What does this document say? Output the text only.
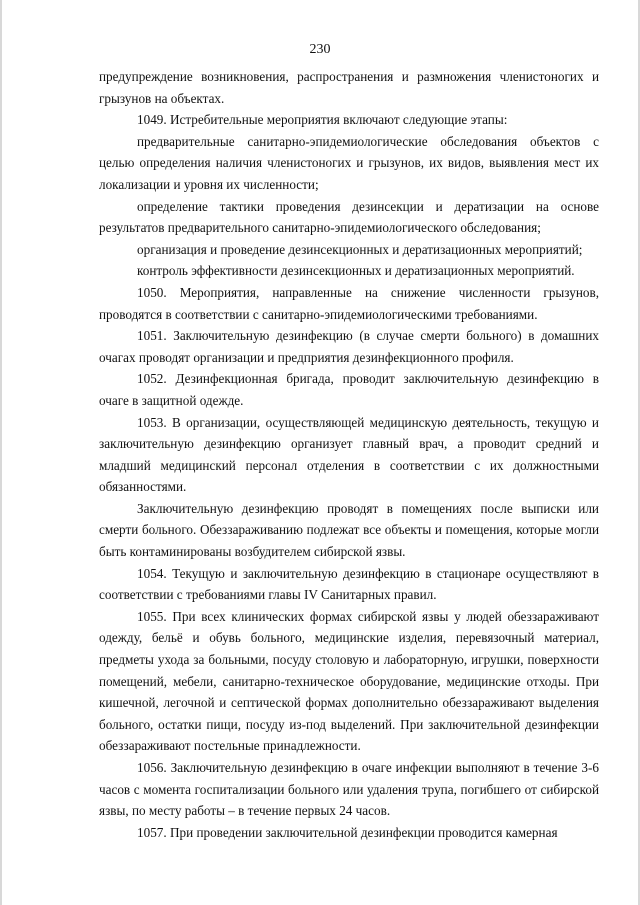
230

предупреждение возникновения, распространения и размножения членистоногих и грызунов на объектах.

1049. Истребительные мероприятия включают следующие этапы:

предварительные санитарно-эпидемиологические обследования объектов с целью определения наличия членистоногих и грызунов, их видов, выявления мест их локализации и уровня их численности;

определение тактики проведения дезинсекции и дератизации на основе результатов предварительного санитарно-эпидемиологического обследования;

организация и проведение дезинсекционных и дератизационных мероприятий;

контроль эффективности дезинсекционных и дератизационных мероприятий.

1050. Мероприятия, направленные на снижение численности грызунов, проводятся в соответствии с санитарно-эпидемиологическими требованиями.

1051. Заключительную дезинфекцию (в случае смерти больного) в домашних очагах проводят организации и предприятия дезинфекционного профиля.

1052. Дезинфекционная бригада, проводит заключительную дезинфекцию в очаге в защитной одежде.

1053. В организации, осуществляющей медицинскую деятельность, текущую и заключительную дезинфекцию организует главный врач, а проводит средний и младший медицинский персонал отделения в соответствии с их должностными обязанностями.

Заключительную дезинфекцию проводят в помещениях после выписки или смерти больного. Обеззараживанию подлежат все объекты и помещения, которые могли быть контаминированы возбудителем сибирской язвы.

1054. Текущую и заключительную дезинфекцию в стационаре осуществляют в соответствии с требованиями главы IV Санитарных правил.

1055. При всех клинических формах сибирской язвы у людей обеззараживают одежду, бельё и обувь больного, медицинские изделия, перевязочный материал, предметы ухода за больными, посуду столовую и лабораторную, игрушки, поверхности помещений, мебели, санитарно-техническое оборудование, медицинские отходы. При кишечной, легочной и септической формах дополнительно обеззараживают выделения больного, остатки пищи, посуду из-под выделений. При заключительной дезинфекции обеззараживают постельные принадлежности.

1056. Заключительную дезинфекцию в очаге инфекции выполняют в течение 3-6 часов с момента госпитализации больного или удаления трупа, погибшего от сибирской язвы, по месту работы – в течение первых 24 часов.

1057. При проведении заключительной дезинфекции проводится камерная
